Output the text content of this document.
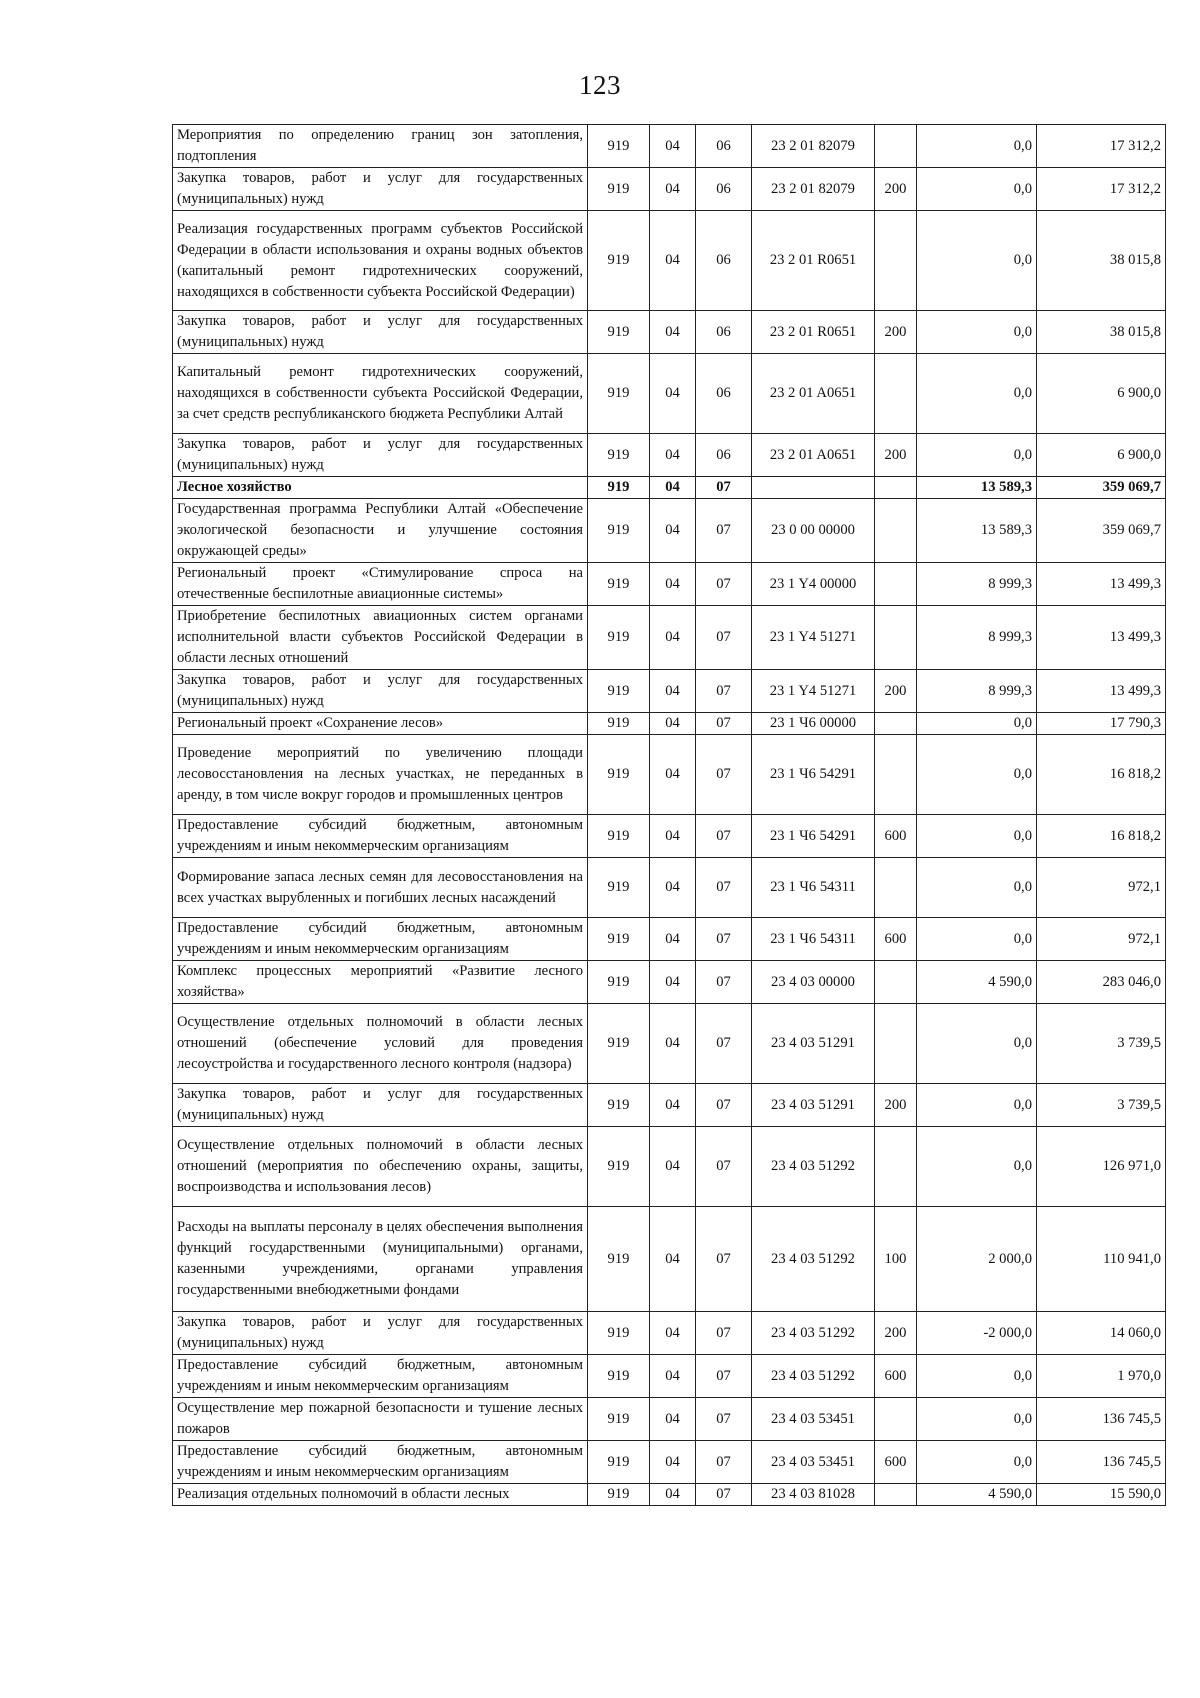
123
Мероприятия по определению границ зон затопления, подтопления	919	04	06	23 2 01 82079		0,0	17 312,2
Закупка товаров, работ и услуг для государственных (муниципальных) нужд	919	04	06	23 2 01 82079	200	0,0	17 312,2
Реализация государственных программ субъектов Российской Федерации в области использования и охраны водных объектов (капитальный ремонт гидротехнических сооружений, находящихся в собственности субъекта Российской Федерации)	919	04	06	23 2 01 R0651		0,0	38 015,8
Закупка товаров, работ и услуг для государственных (муниципальных) нужд	919	04	06	23 2 01 R0651	200	0,0	38 015,8
Капитальный ремонт гидротехнических сооружений, находящихся в собственности субъекта Российской Федерации, за счет средств республиканского бюджета Республики Алтай	919	04	06	23 2 01 A0651		0,0	6 900,0
Закупка товаров, работ и услуг для государственных (муниципальных) нужд	919	04	06	23 2 01 A0651	200	0,0	6 900,0
Лесное хозяйство	919	04	07			13 589,3	359 069,7
Государственная программа Республики Алтай «Обеспечение экологической безопасности и улучшение состояния окружающей среды»	919	04	07	23 0 00 00000		13 589,3	359 069,7
Региональный проект «Стимулирование спроса на отечественные беспилотные авиационные системы»	919	04	07	23 1 Y4 00000		8 999,3	13 499,3
Приобретение беспилотных авиационных систем органами исполнительной власти субъектов Российской Федерации в области лесных отношений	919	04	07	23 1 Y4 51271		8 999,3	13 499,3
Закупка товаров, работ и услуг для государственных (муниципальных) нужд	919	04	07	23 1 Y4 51271	200	8 999,3	13 499,3
Региональный проект «Сохранение лесов»	919	04	07	23 1 Ч6 00000		0,0	17 790,3
Проведение мероприятий по увеличению площади лесовосстановления на лесных участках, не переданных в аренду, в том числе вокруг городов и промышленных центров	919	04	07	23 1 Ч6 54291		0,0	16 818,2
Предоставление субсидий бюджетным, автономным учреждениям и иным некоммерческим организациям	919	04	07	23 1 Ч6 54291	600	0,0	16 818,2
Формирование запаса лесных семян для лесовосстановления на всех участках вырубленных и погибших лесных насаждений	919	04	07	23 1 Ч6 54311		0,0	972,1
Предоставление субсидий бюджетным, автономным учреждениям и иным некоммерческим организациям	919	04	07	23 1 Ч6 54311	600	0,0	972,1
Комплекс процессных мероприятий «Развитие лесного хозяйства»	919	04	07	23 4 03 00000		4 590,0	283 046,0
Осуществление отдельных полномочий в области лесных отношений (обеспечение условий для проведения лесоустройства и государственного лесного контроля (надзора)	919	04	07	23 4 03 51291		0,0	3 739,5
Закупка товаров, работ и услуг для государственных (муниципальных) нужд	919	04	07	23 4 03 51291	200	0,0	3 739,5
Осуществление отдельных полномочий в области лесных отношений (мероприятия по обеспечению охраны, защиты, воспроизводства и использования лесов)	919	04	07	23 4 03 51292		0,0	126 971,0
Расходы на выплаты персоналу в целях обеспечения выполнения функций государственными (муниципальными) органами, казенными учреждениями, органами управления государственными внебюджетными фондами	919	04	07	23 4 03 51292	100	2 000,0	110 941,0
Закупка товаров, работ и услуг для государственных (муниципальных) нужд	919	04	07	23 4 03 51292	200	-2 000,0	14 060,0
Предоставление субсидий бюджетным, автономным учреждениям и иным некоммерческим организациям	919	04	07	23 4 03 51292	600	0,0	1 970,0
Осуществление мер пожарной безопасности и тушение лесных пожаров	919	04	07	23 4 03 53451		0,0	136 745,5
Предоставление субсидий бюджетным, автономным учреждениям и иным некоммерческим организациям	919	04	07	23 4 03 53451	600	0,0	136 745,5
Реализация отдельных полномочий в области лесных	919	04	07	23 4 03 81028		4 590,0	15 590,0
